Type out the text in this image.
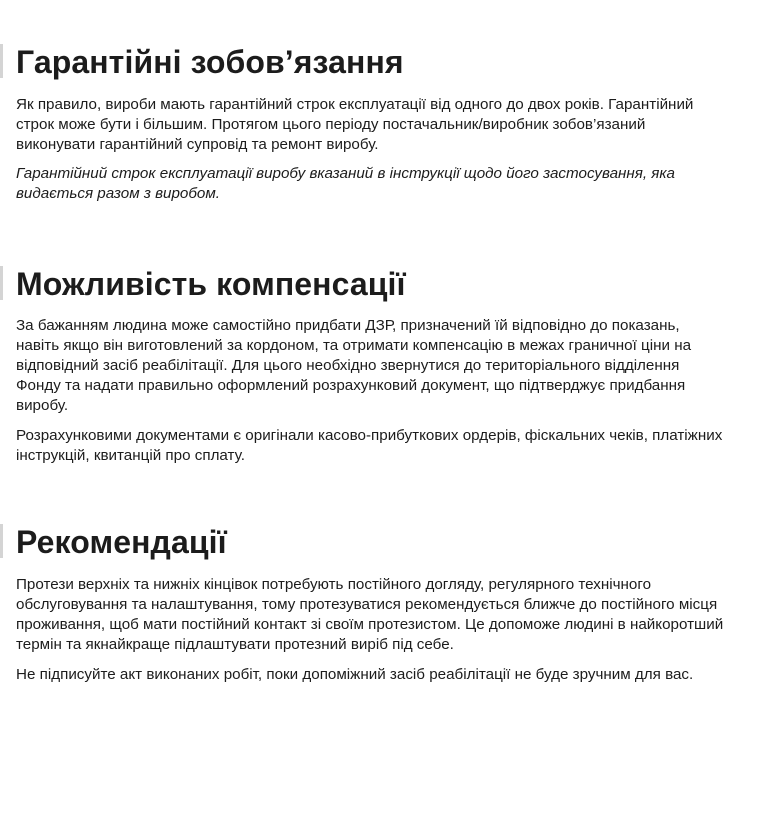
Гарантійні зобов’язання

Як правило, вироби мають гарантійний строк експлуатації від одного до двох років. Гарантійний строк може бути і більшим. Протягом цього періоду постачальник/виробник зобов’язаний виконувати гарантійний супровід та ремонт виробу.

Гарантійний строк експлуатації виробу вказаний в інструкції щодо його застосування, яка видається разом з виробом.

Можливість компенсації

За бажанням людина може самостійно придбати ДЗР, призначений їй відповідно до показань, навіть якщо він виготовлений за кордоном, та отримати компенсацію в межах граничної ціни на відповідний засіб реабілітації. Для цього необхідно звернутися до територіального відділення Фонду та надати правильно оформлений розрахунковий документ, що підтверджує придбання виробу.

Розрахунковими документами є оригінали касово-прибуткових ордерів, фіскальних чеків, платіжних інструкцій, квитанцій про сплату.

Рекомендації

Протези верхніх та нижніх кінцівок потребують постійного догляду, регулярного технічного обслуговування та налаштування, тому протезуватися рекомендується ближче до постійного місця проживання, щоб мати постійний контакт зі своїм протезистом. Це допоможе людині в найкоротший термін та якнайкраще підлаштувати протезний виріб під себе.

Не підписуйте акт виконаних робіт, поки допоміжний засіб реабілітації не буде зручним для вас.
